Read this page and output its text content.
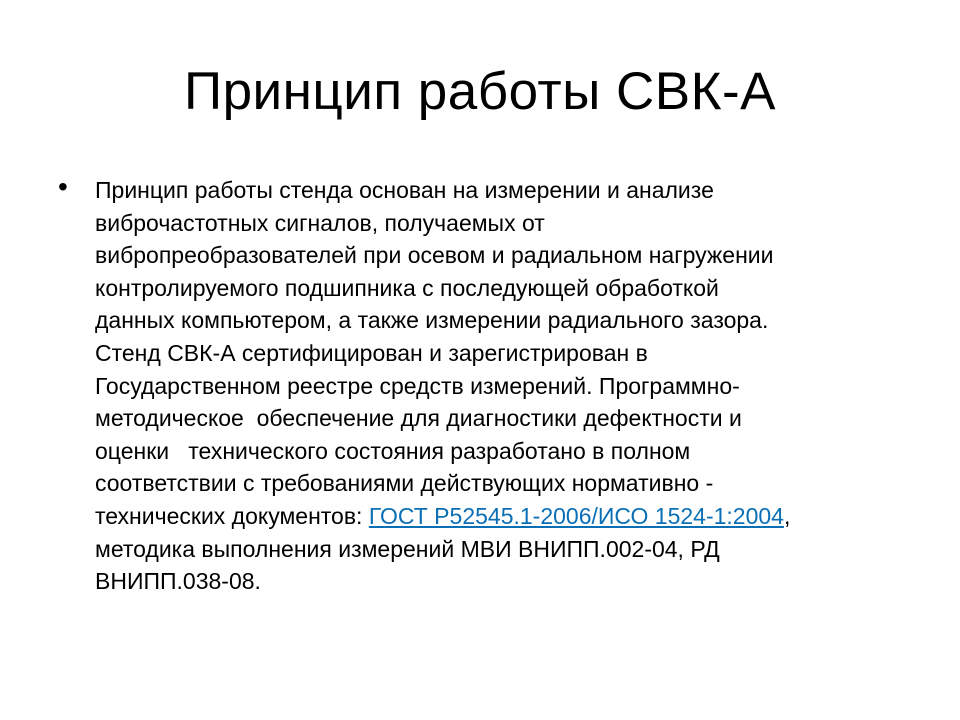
Принцип работы СВК-А
• Принцип работы стенда основан на измерении и анализе
виброчастотных сигналов, получаемых от
вибропреобразователей при осевом и радиальном нагружении
контролируемого подшипника с последующей обработкой
данных компьютером, а также измерении радиального зазора.
Стенд СВК-А сертифицирован и зарегистрирован в
Государственном реестре средств измерений. Программно-
методическое  обеспечение для диагностики дефектности и
оценки   технического состояния разработано в полном
соответствии с требованиями действующих нормативно -
технических документов: ГОСТ Р52545.1-2006/ИСО 1524-1:2004,
методика выполнения измерений МВИ ВНИПП.002-04, РД
ВНИПП.038-08.
